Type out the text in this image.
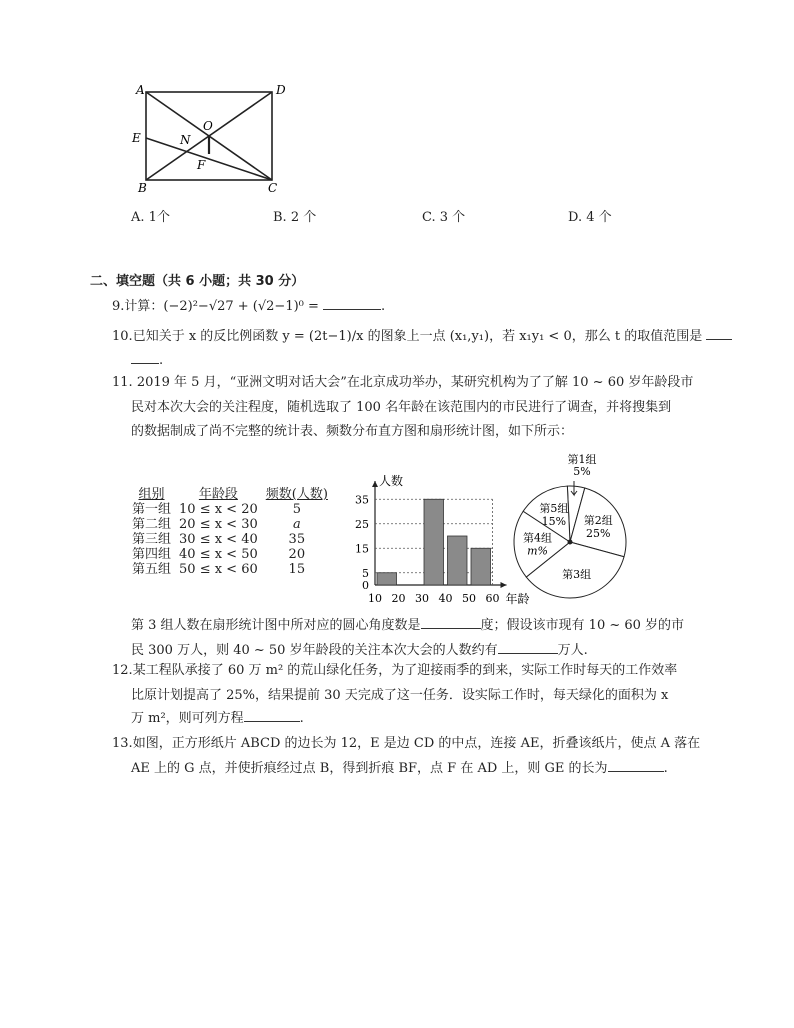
A	D
E	N
O
F
B	C
A. 1个	B. 2 个	C. 3 个	D. 4 个
二、填空题（共 6 小题；共 30 分）
9.计算：(−2)²−√27 + (√2−1)⁰ =	.
10.已知关于 x 的反比例函数 y = (2t−1)/x 的图象上一点 (x₁,y₁)，若 x₁y₁ < 0，那么 t 的取值范围是
.
11. 2019 年 5 月，“亚洲文明对话大会”在北京成功举办，某研究机构为了了解 10 ~ 60 岁年龄段市
民对本次大会的关注程度，随机选取了 100 名年龄在该范围内的市民进行了调查，并将搜集到
的数据制成了尚不完整的统计表、频数分布直方图和扇形统计图，如下所示：
组别	年龄段	频数(人数)
第一组	10 ≤ x < 20	5
第二组	20 ≤ x < 30	a
第三组	30 ≤ x < 40	35
第四组	40 ≤ x < 50	20
第五组	50 ≤ x < 60	15
0
5
15
25
35
10 20 30 40 50 60
人数
年龄
第1组
5%
第2组
25%
第3组
第4组
m%
第5组
15%
第 3 组人数在扇形统计图中所对应的圆心角度数是	度；假设该市现有 10 ~ 60 岁的市
民 300 万人，则 40 ~ 50 岁年龄段的关注本次大会的人数约有	万人.
12.某工程队承接了 60 万 m² 的荒山绿化任务，为了迎接雨季的到来，实际工作时每天的工作效率
比原计划提高了 25%，结果提前 30 天完成了这一任务．设实际工作时，每天绿化的面积为 x
万 m²，则可列方程	.
13.如图，正方形纸片 ABCD 的边长为 12，E 是边 CD 的中点，连接 AE，折叠该纸片，使点 A 落在
AE 上的 G 点，并使折痕经过点 B，得到折痕 BF，点 F 在 AD 上，则 GE 的长为	.
